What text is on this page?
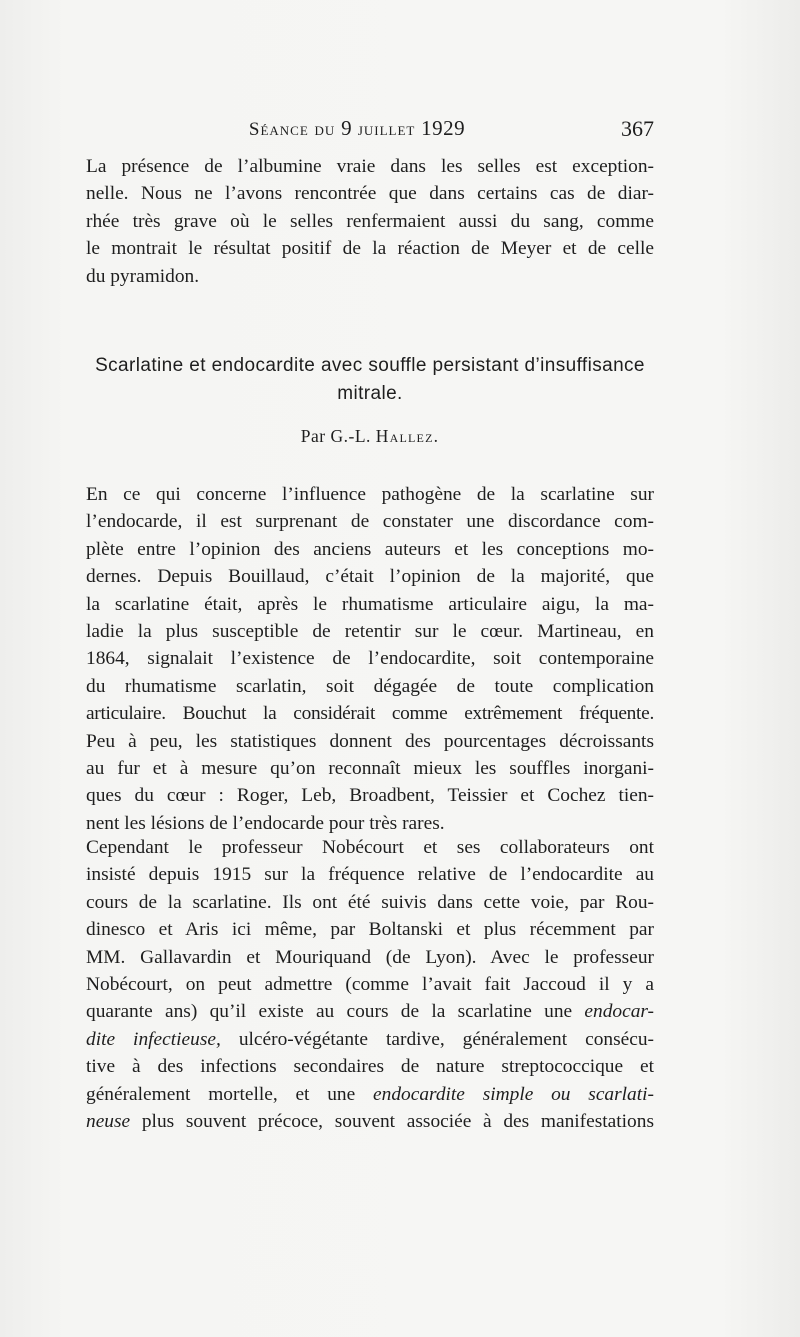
Séance du 9 juillet 1929	367
La présence de l’albumine vraie dans les selles est exception-
nelle. Nous ne l’avons rencontrée que dans certains cas de diar-
rhée très grave où le selles renfermaient aussi du sang, comme
le montrait le résultat positif de la réaction de Meyer et de celle
du pyramidon.
Scarlatine et endocardite avec souffle persistant d’insuffisance
mitrale.
Par G.-L. Hallez.
En ce qui concerne l’influence pathogène de la scarlatine sur
l’endocarde, il est surprenant de constater une discordance com-
plète entre l’opinion des anciens auteurs et les conceptions mo-
dernes. Depuis Bouillaud, c’était l’opinion de la majorité, que
la scarlatine était, après le rhumatisme articulaire aigu, la ma-
ladie la plus susceptible de retentir sur le cœur. Martineau, en
1864, signalait l’existence de l’endocardite, soit contemporaine
du rhumatisme scarlatin, soit dégagée de toute complication
articulaire. Bouchut la considérait comme extrêmement fréquente.
Peu à peu, les statistiques donnent des pourcentages décroissants
au fur et à mesure qu’on reconnaît mieux les souffles inorgani-
ques du cœur : Roger, Leb, Broadbent, Teissier et Cochez tien-
nent les lésions de l’endocarde pour très rares.
Cependant le professeur Nobécourt et ses collaborateurs ont
insisté depuis 1915 sur la fréquence relative de l’endocardite au
cours de la scarlatine. Ils ont été suivis dans cette voie, par Rou-
dinesco et Aris ici même, par Boltanski et plus récemment par
MM. Gallavardin et Mouriquand (de Lyon). Avec le professeur
Nobécourt, on peut admettre (comme l’avait fait Jaccoud il y a
quarante ans) qu’il existe au cours de la scarlatine une endocar-
dite infectieuse, ulcéro-végétante tardive, généralement consécu-
tive à des infections secondaires de nature streptococcique et
généralement mortelle, et une endocardite simple ou scarlati-
neuse plus souvent précoce, souvent associée à des manifestations
